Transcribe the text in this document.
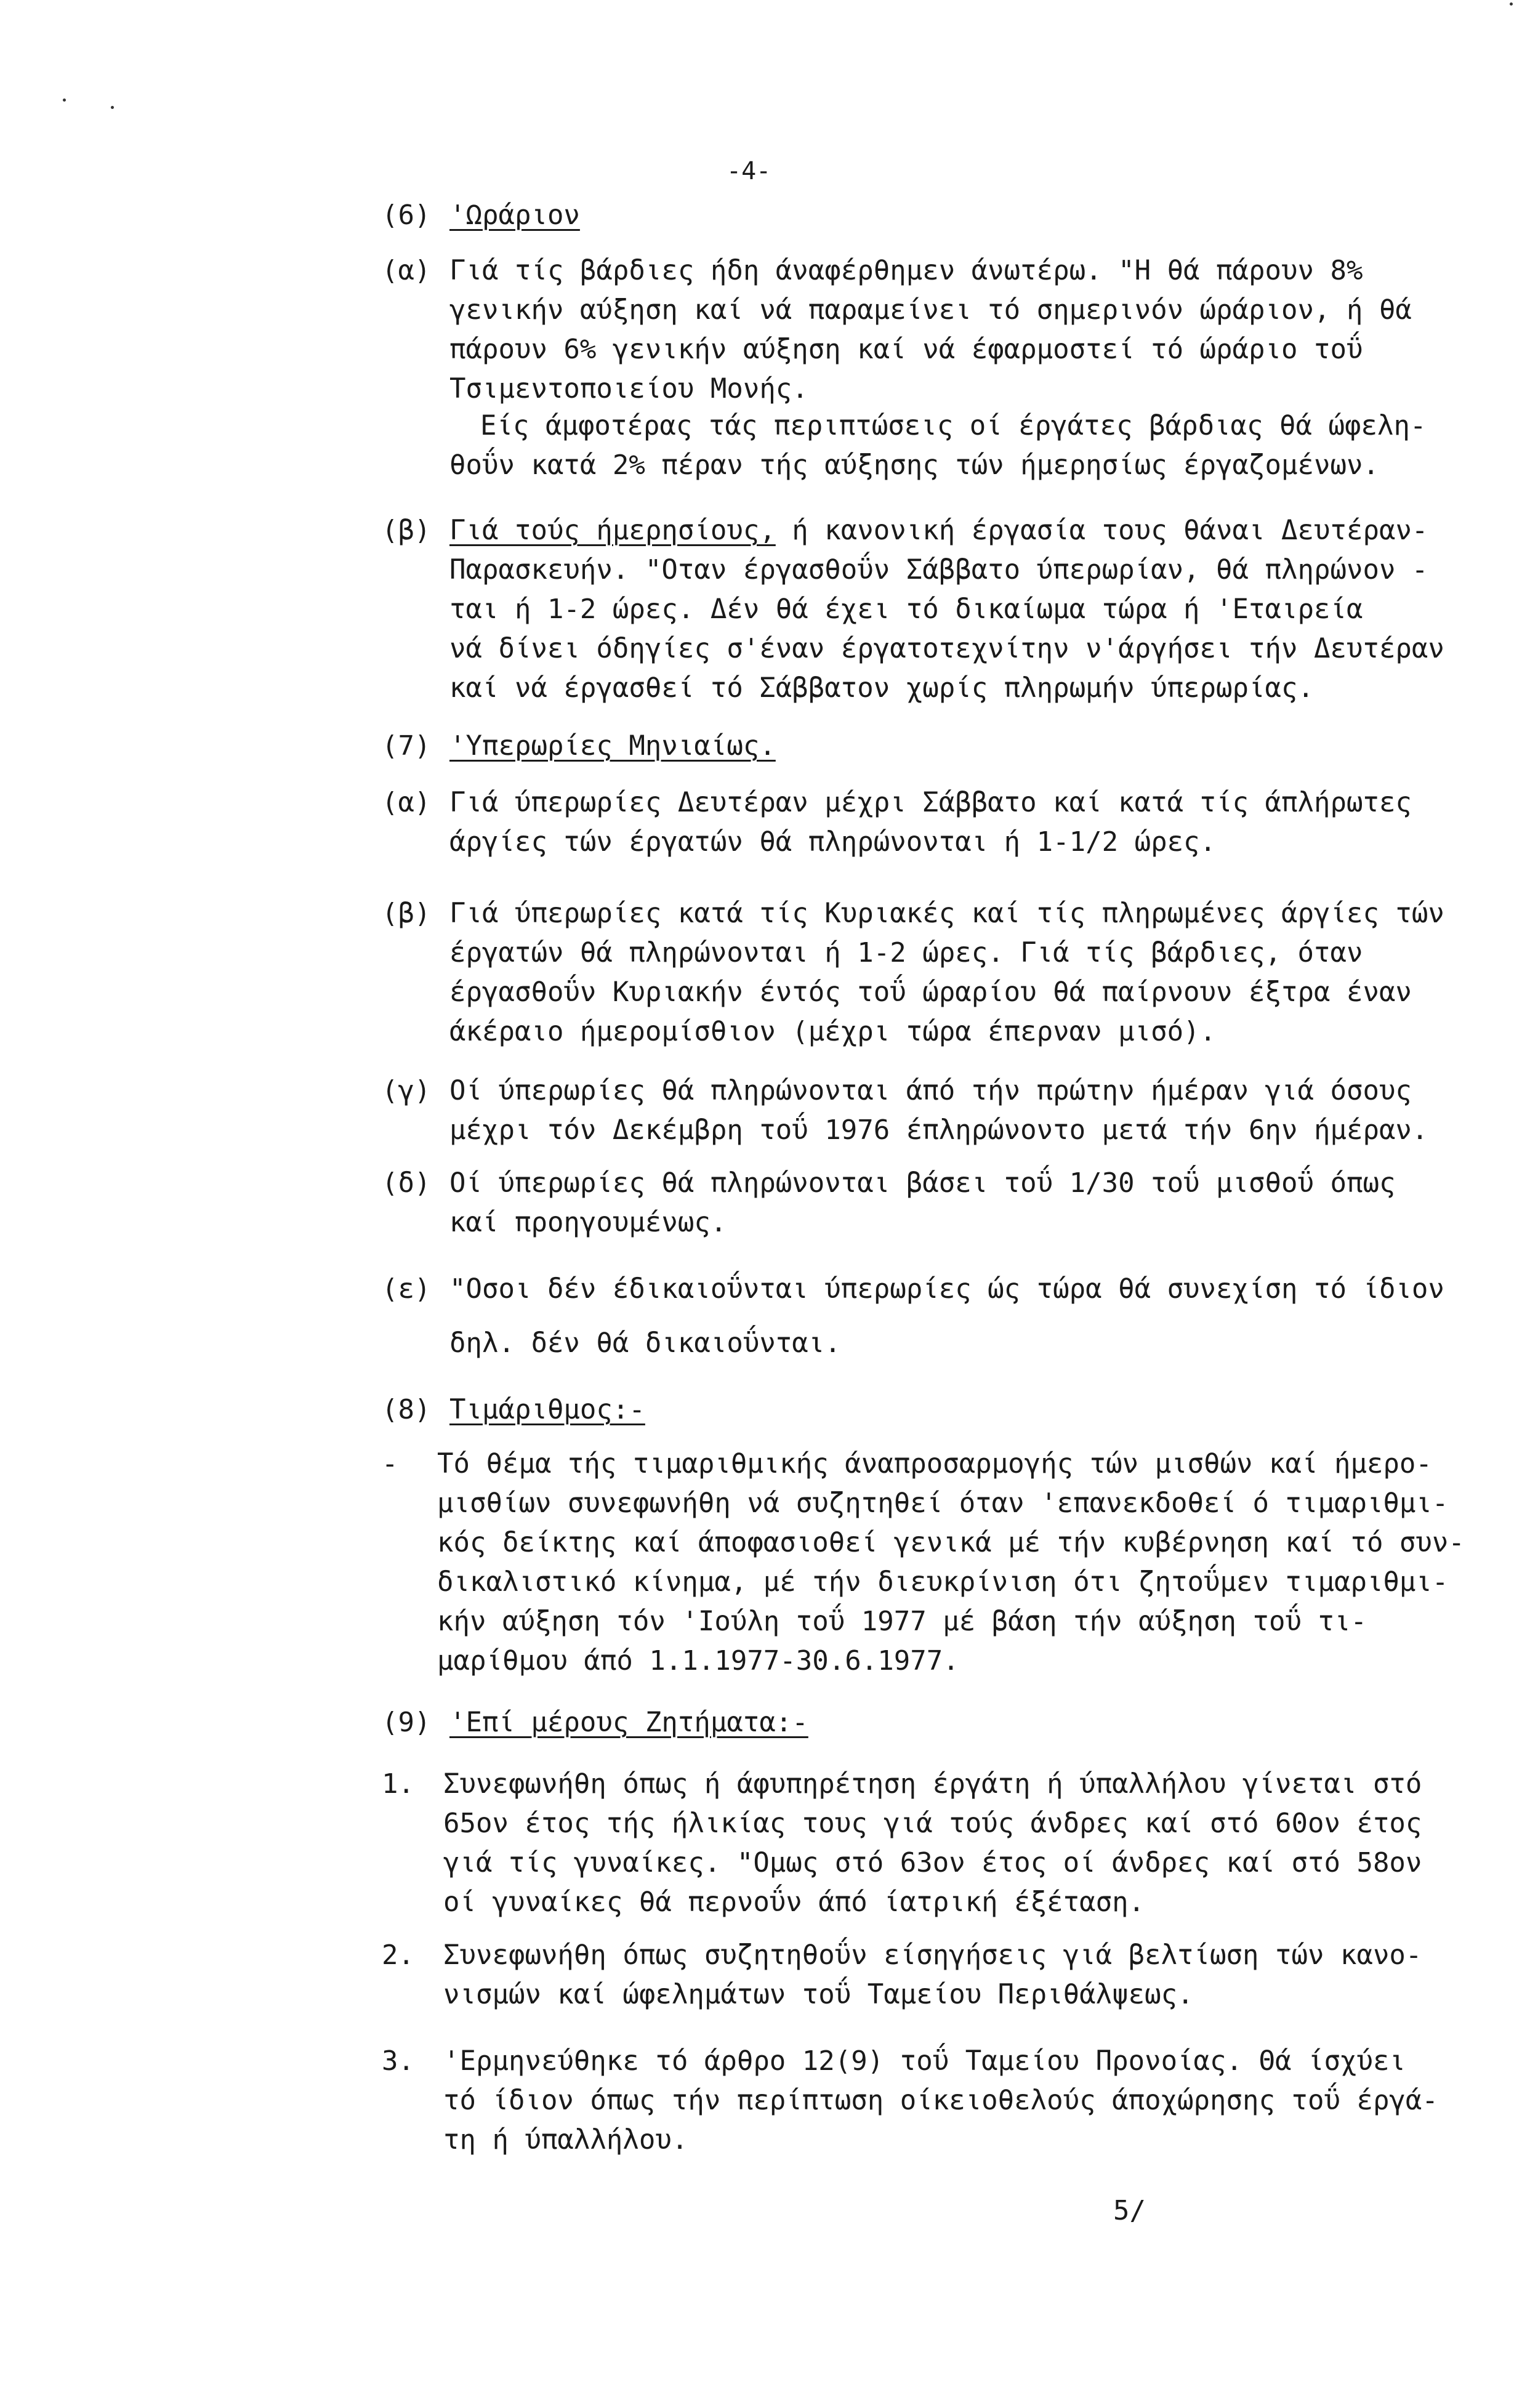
-4-
(6) 'Ωράριον
(α) Γιά τίς βάρδιες ήδη άναφέρθημεν άνωτέρω. "Η θά πάρουν 8%
γενικήν αύξηση καί νά παραμείνει τό σημερινόν ώράριον, ή θά
πάρουν 6% γενικήν αύξηση καί νά έφαρμοστεί τό ώράριο τοΰ
Τσιμεντοποιείου Μονής.
Είς άμφοτέρας τάς περιπτώσεις οί έργάτες βάρδιας θά ώφελη-
θοΰν κατά 2% πέραν τής αύξησης τών ήμερησίως έργαζομένων.
(β) Γιά τούς ήμερησίους, ή κανονική έργασία τους θάναι Δευτέραν-
Παρασκευήν. "Οταν έργασθοΰν Σάββατο ύπερωρίαν, θά πληρώνον -
ται ή 1-2 ώρες. Δέν θά έχει τό δικαίωμα τώρα ή 'Εταιρεία
νά δίνει όδηγίες σ'έναν έργατοτεχνίτην ν'άργήσει τήν Δευτέραν
καί νά έργασθεί τό Σάββατον χωρίς πληρωμήν ύπερωρίας.
(7) 'Υπερωρίες Μηνιαίως.
(α) Γιά ύπερωρίες Δευτέραν μέχρι Σάββατο καί κατά τίς άπλήρωτες
άργίες τών έργατών θά πληρώνονται ή 1-1/2 ώρες.
(β) Γιά ύπερωρίες κατά τίς Κυριακές καί τίς πληρωμένες άργίες τών
έργατών θά πληρώνονται ή 1-2 ώρες. Γιά τίς βάρδιες, όταν
έργασθοΰν Κυριακήν έντός τοΰ ώραρίου θά παίρνουν έξτρα έναν
άκέραιο ήμερομίσθιον (μέχρι τώρα έπερναν μισό).
(γ) Οί ύπερωρίες θά πληρώνονται άπό τήν πρώτην ήμέραν γιά όσους
μέχρι τόν Δεκέμβρη τοΰ 1976 έπληρώνοντο μετά τήν 6ην ήμέραν.
(δ) Οί ύπερωρίες θά πληρώνονται βάσει τοΰ 1/30 τοΰ μισθοΰ όπως
καί προηγουμένως.
(ε) "Οσοι δέν έδικαιοΰνται ύπερωρίες ώς τώρα θά συνεχίση τό ίδιον
δηλ. δέν θά δικαιοΰνται.
(8) Τιμάριθμος:-
- Τό θέμα τής τιμαριθμικής άναπροσαρμογής τών μισθών καί ήμερο-
μισθίων συνεφωνήθη νά συζητηθεί όταν 'επανεκδοθεί ό τιμαριθμι-
κός δείκτης καί άποφασιοθεί γενικά μέ τήν κυβέρνηση καί τό συν-
δικαλιστικό κίνημα, μέ τήν διευκρίνιση ότι ζητοΰμεν τιμαριθμι-
κήν αύξηση τόν 'Ιούλη τοΰ 1977 μέ βάση τήν αύξηση τοΰ τι-
μαρίθμου άπό 1.1.1977-30.6.1977.
(9) 'Επί μέρους Ζητήματα:-
1. Συνεφωνήθη όπως ή άφυπηρέτηση έργάτη ή ύπαλλήλου γίνεται στό
65ον έτος τής ήλικίας τους γιά τούς άνδρες καί στό 60ον έτος
γιά τίς γυναίκες. "Ομως στό 63ον έτος οί άνδρες καί στό 58ον
οί γυναίκες θά περνοΰν άπό ίατρική έξέταση.
2. Συνεφωνήθη όπως συζητηθοΰν είσηγήσεις γιά βελτίωση τών κανο-
νισμών καί ώφελημάτων τοΰ Ταμείου Περιθάλψεως.
3. 'Ερμηνεύθηκε τό άρθρο 12(9) τοΰ Ταμείου Προνοίας. Θά ίσχύει
τό ίδιον όπως τήν περίπτωση οίκειοθελούς άποχώρησης τοΰ έργά-
τη ή ύπαλλήλου.
5/
